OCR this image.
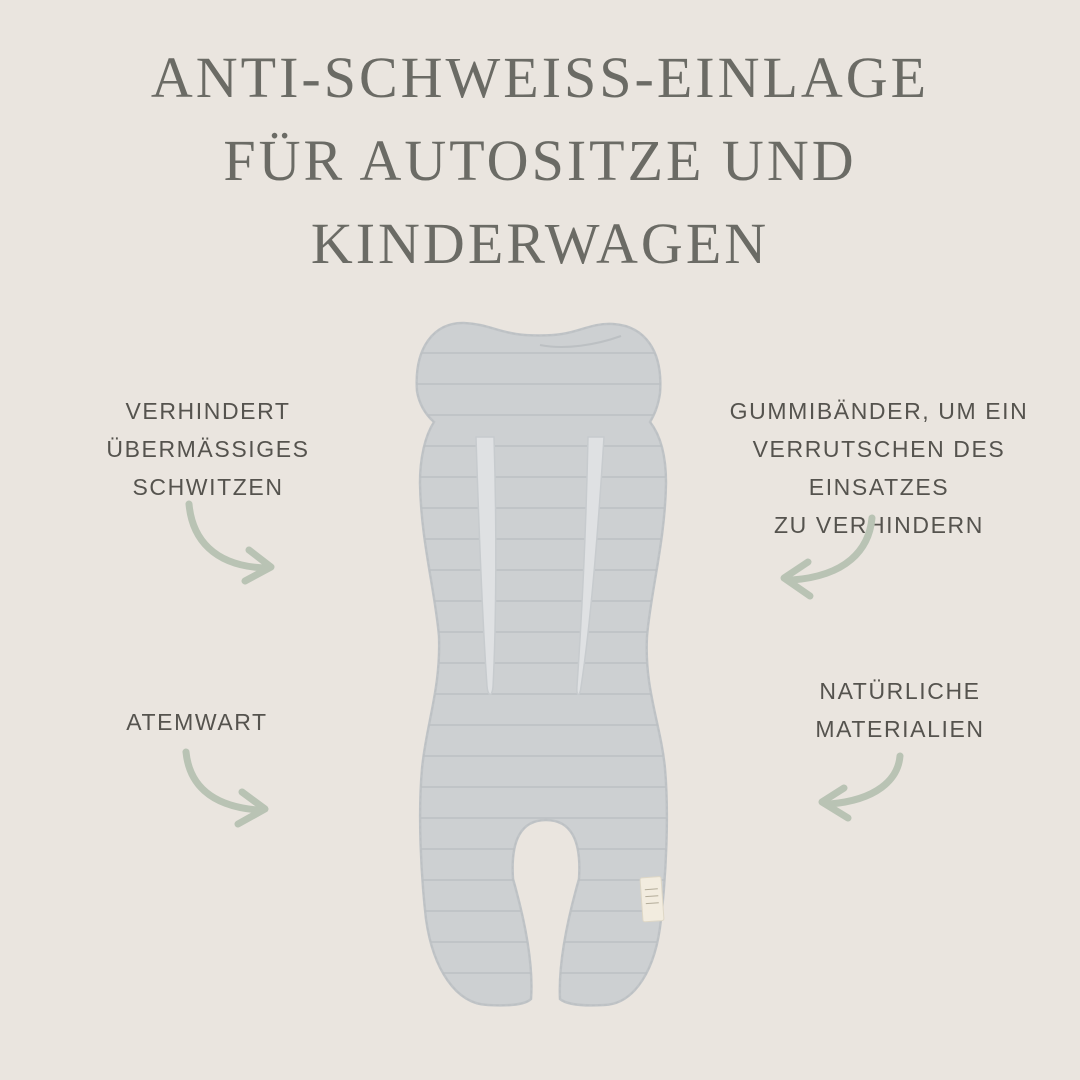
ANTI-SCHWEISS-EINLAGE
FÜR AUTOSITZE UND
KINDERWAGEN
VERHINDERT
ÜBERMÄSSIGES
SCHWITZEN
GUMMIBÄNDER, UM EIN
VERRUTSCHEN DES EINSATZES
ZU VERHINDERN
ATEMWART
NATÜRLICHE
MATERIALIEN
